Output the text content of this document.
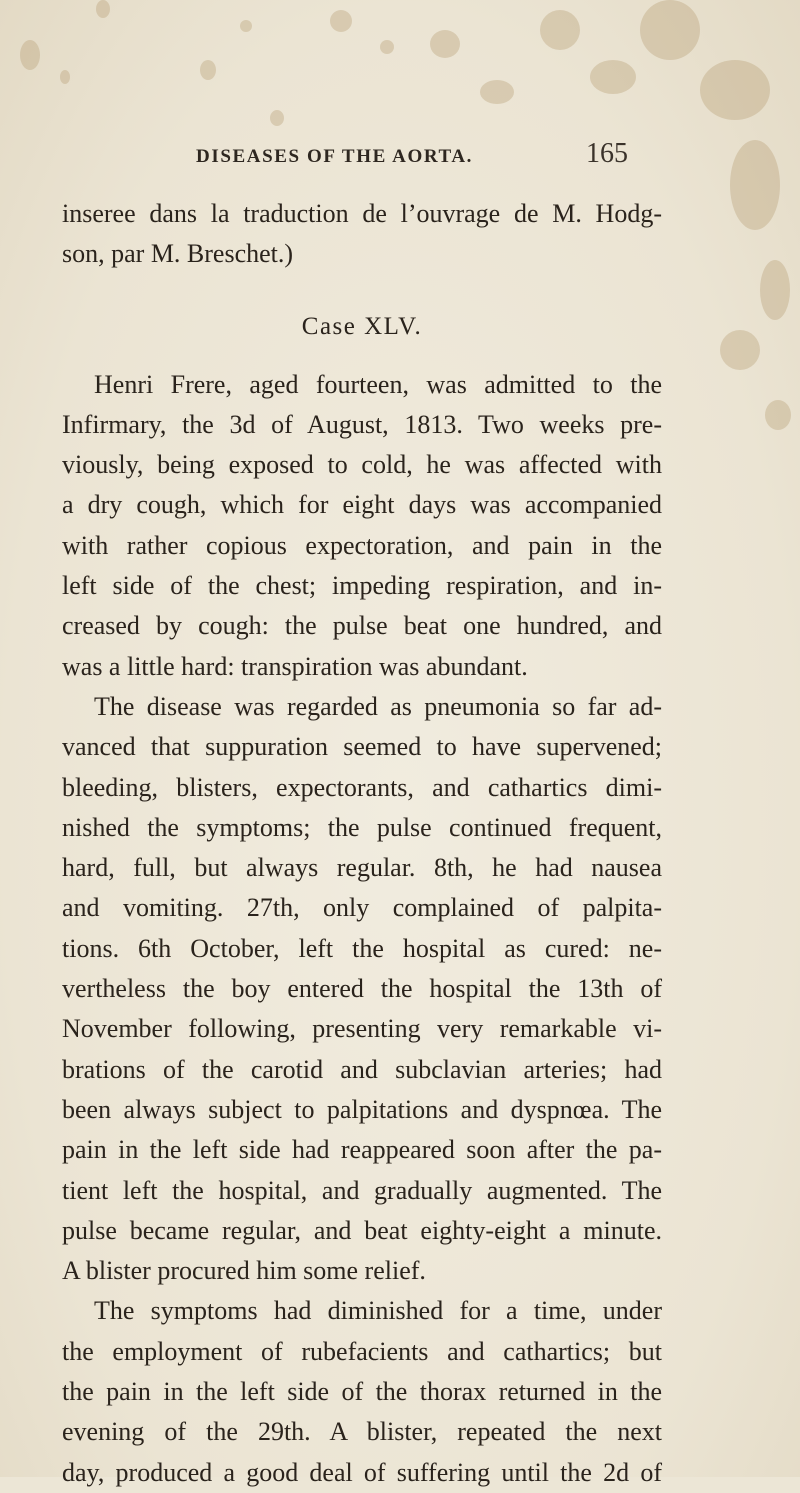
DISEASES OF THE AORTA.	165
inseree dans la traduction de l’ouvrage de M. Hodg-
son, par M. Breschet.)
Case XLV.
Henri Frere, aged fourteen, was admitted to the
Infirmary, the 3d of August, 1813. Two weeks pre-
viously, being exposed to cold, he was affected with
a dry cough, which for eight days was accompanied
with rather copious expectoration, and pain in the
left side of the chest; impeding respiration, and in-
creased by cough: the pulse beat one hundred, and
was a little hard: transpiration was abundant.
The disease was regarded as pneumonia so far ad-
vanced that suppuration seemed to have supervened;
bleeding, blisters, expectorants, and cathartics dimi-
nished the symptoms; the pulse continued frequent,
hard, full, but always regular. 8th, he had nausea
and vomiting. 27th, only complained of palpita-
tions. 6th October, left the hospital as cured: ne-
vertheless the boy entered the hospital the 13th of
November following, presenting very remarkable vi-
brations of the carotid and subclavian arteries; had
been always subject to palpitations and dyspnœa. The
pain in the left side had reappeared soon after the pa-
tient left the hospital, and gradually augmented. The
pulse became regular, and beat eighty-eight a minute.
A blister procured him some relief.
The symptoms had diminished for a time, under
the employment of rubefacients and cathartics; but
the pain in the left side of the thorax returned in the
evening of the 29th. A blister, repeated the next
day, produced a good deal of suffering until the 2d of
